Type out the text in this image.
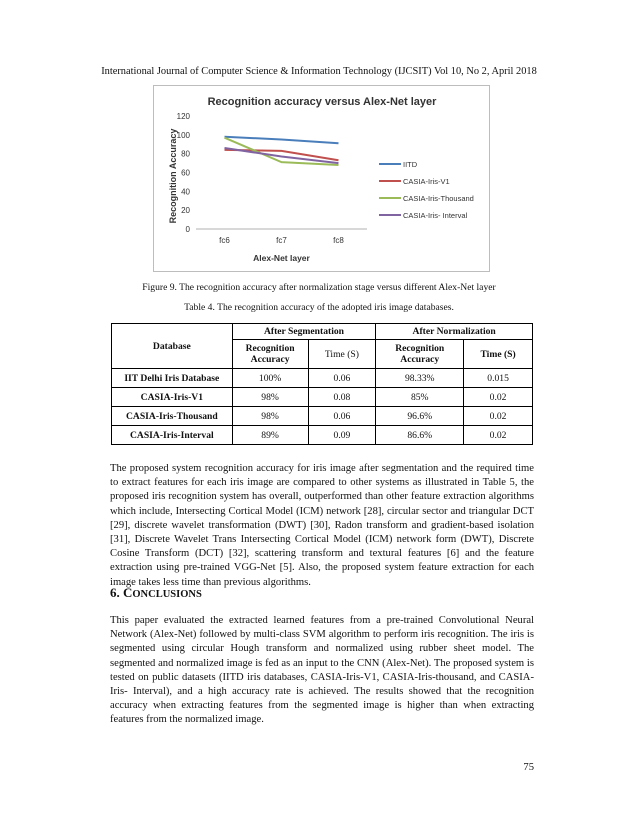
International Journal of Computer Science & Information Technology (IJCSIT) Vol 10, No 2, April 2018
Recognition accuracy versus Alex-Net layer
Recognition Accuracy
Alex-Net layer
0
20
40
60
80
100
120
fc6	fc7	fc8
IITD
CASIA-Iris-V1
CASIA-Iris-Thousand
CASIA-Iris- Interval
Figure 9. The recognition accuracy after normalization stage versus different Alex-Net layer
Table 4. The recognition accuracy of the adopted iris image databases.
Database	After Segmentation		After Normalization	
	Recognition Accuracy	Time (S)	Recognition Accuracy	Time (S)
IIT Delhi Iris Database	100%	0.06	98.33%	0.015
CASIA-Iris-V1	98%	0.08	85%	0.02
CASIA-Iris-Thousand	98%	0.06	96.6%	0.02
CASIA-Iris-Interval	89%	0.09	86.6%	0.02

The proposed system recognition accuracy for iris image after segmentation and the required time to extract features for each iris image are compared to other systems as illustrated in Table 5, the proposed iris recognition system has overall, outperformed than other feature extraction algorithms which include, Intersecting Cortical Model (ICM) network [28], circular sector and triangular DCT [29], discrete wavelet transformation (DWT) [30], Radon transform and gradient-based isolation [31], Discrete Wavelet Trans Intersecting Cortical Model (ICM) network form (DWT), Discrete Cosine Transform (DCT) [32], scattering transform and textural features [6] and the feature extraction using pre-trained VGG-Net [5]. Also, the proposed system feature extraction for each image takes less time than previous algorithms.

6. CONCLUSIONS

This paper evaluated the extracted learned features from a pre-trained Convolutional Neural Network (Alex-Net) followed by multi-class SVM algorithm to perform iris recognition. The iris is segmented using circular Hough transform and normalized using rubber sheet model. The segmented and normalized image is fed as an input to the CNN (Alex-Net). The proposed system is tested on public datasets (IITD iris databases, CASIA-Iris-V1, CASIA-Iris-thousand, and CASIA-Iris- Interval), and a high accuracy rate is achieved. The results showed that the recognition accuracy when extracting features from the segmented image is higher than when extracting features from the normalized image.

75
